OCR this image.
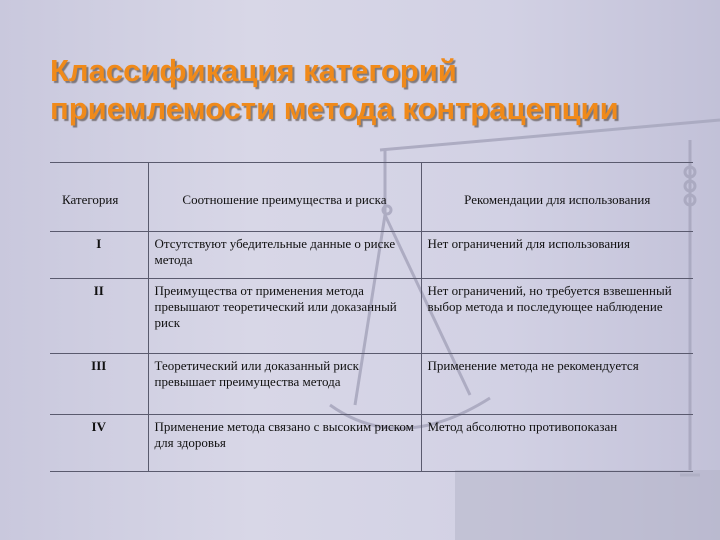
Классификация категорий
приемлемости метода контрацепции
Категория	Соотношение преимущества и риска	Рекомендации для использования
I	Отсутствуют убедительные данные о риске метода	Нет ограничений для использования
II	Преимущества от применения метода превышают теоретический или доказанный риск	Нет ограничений, но требуется взвешенный выбор метода и последующее наблюдение
III	Теоретический или доказанный риск превышает преимущества метода	Применение метода не рекомендуется
IV	Применение метода связано с высоким риском для здоровья	Метод абсолютно противопоказан
